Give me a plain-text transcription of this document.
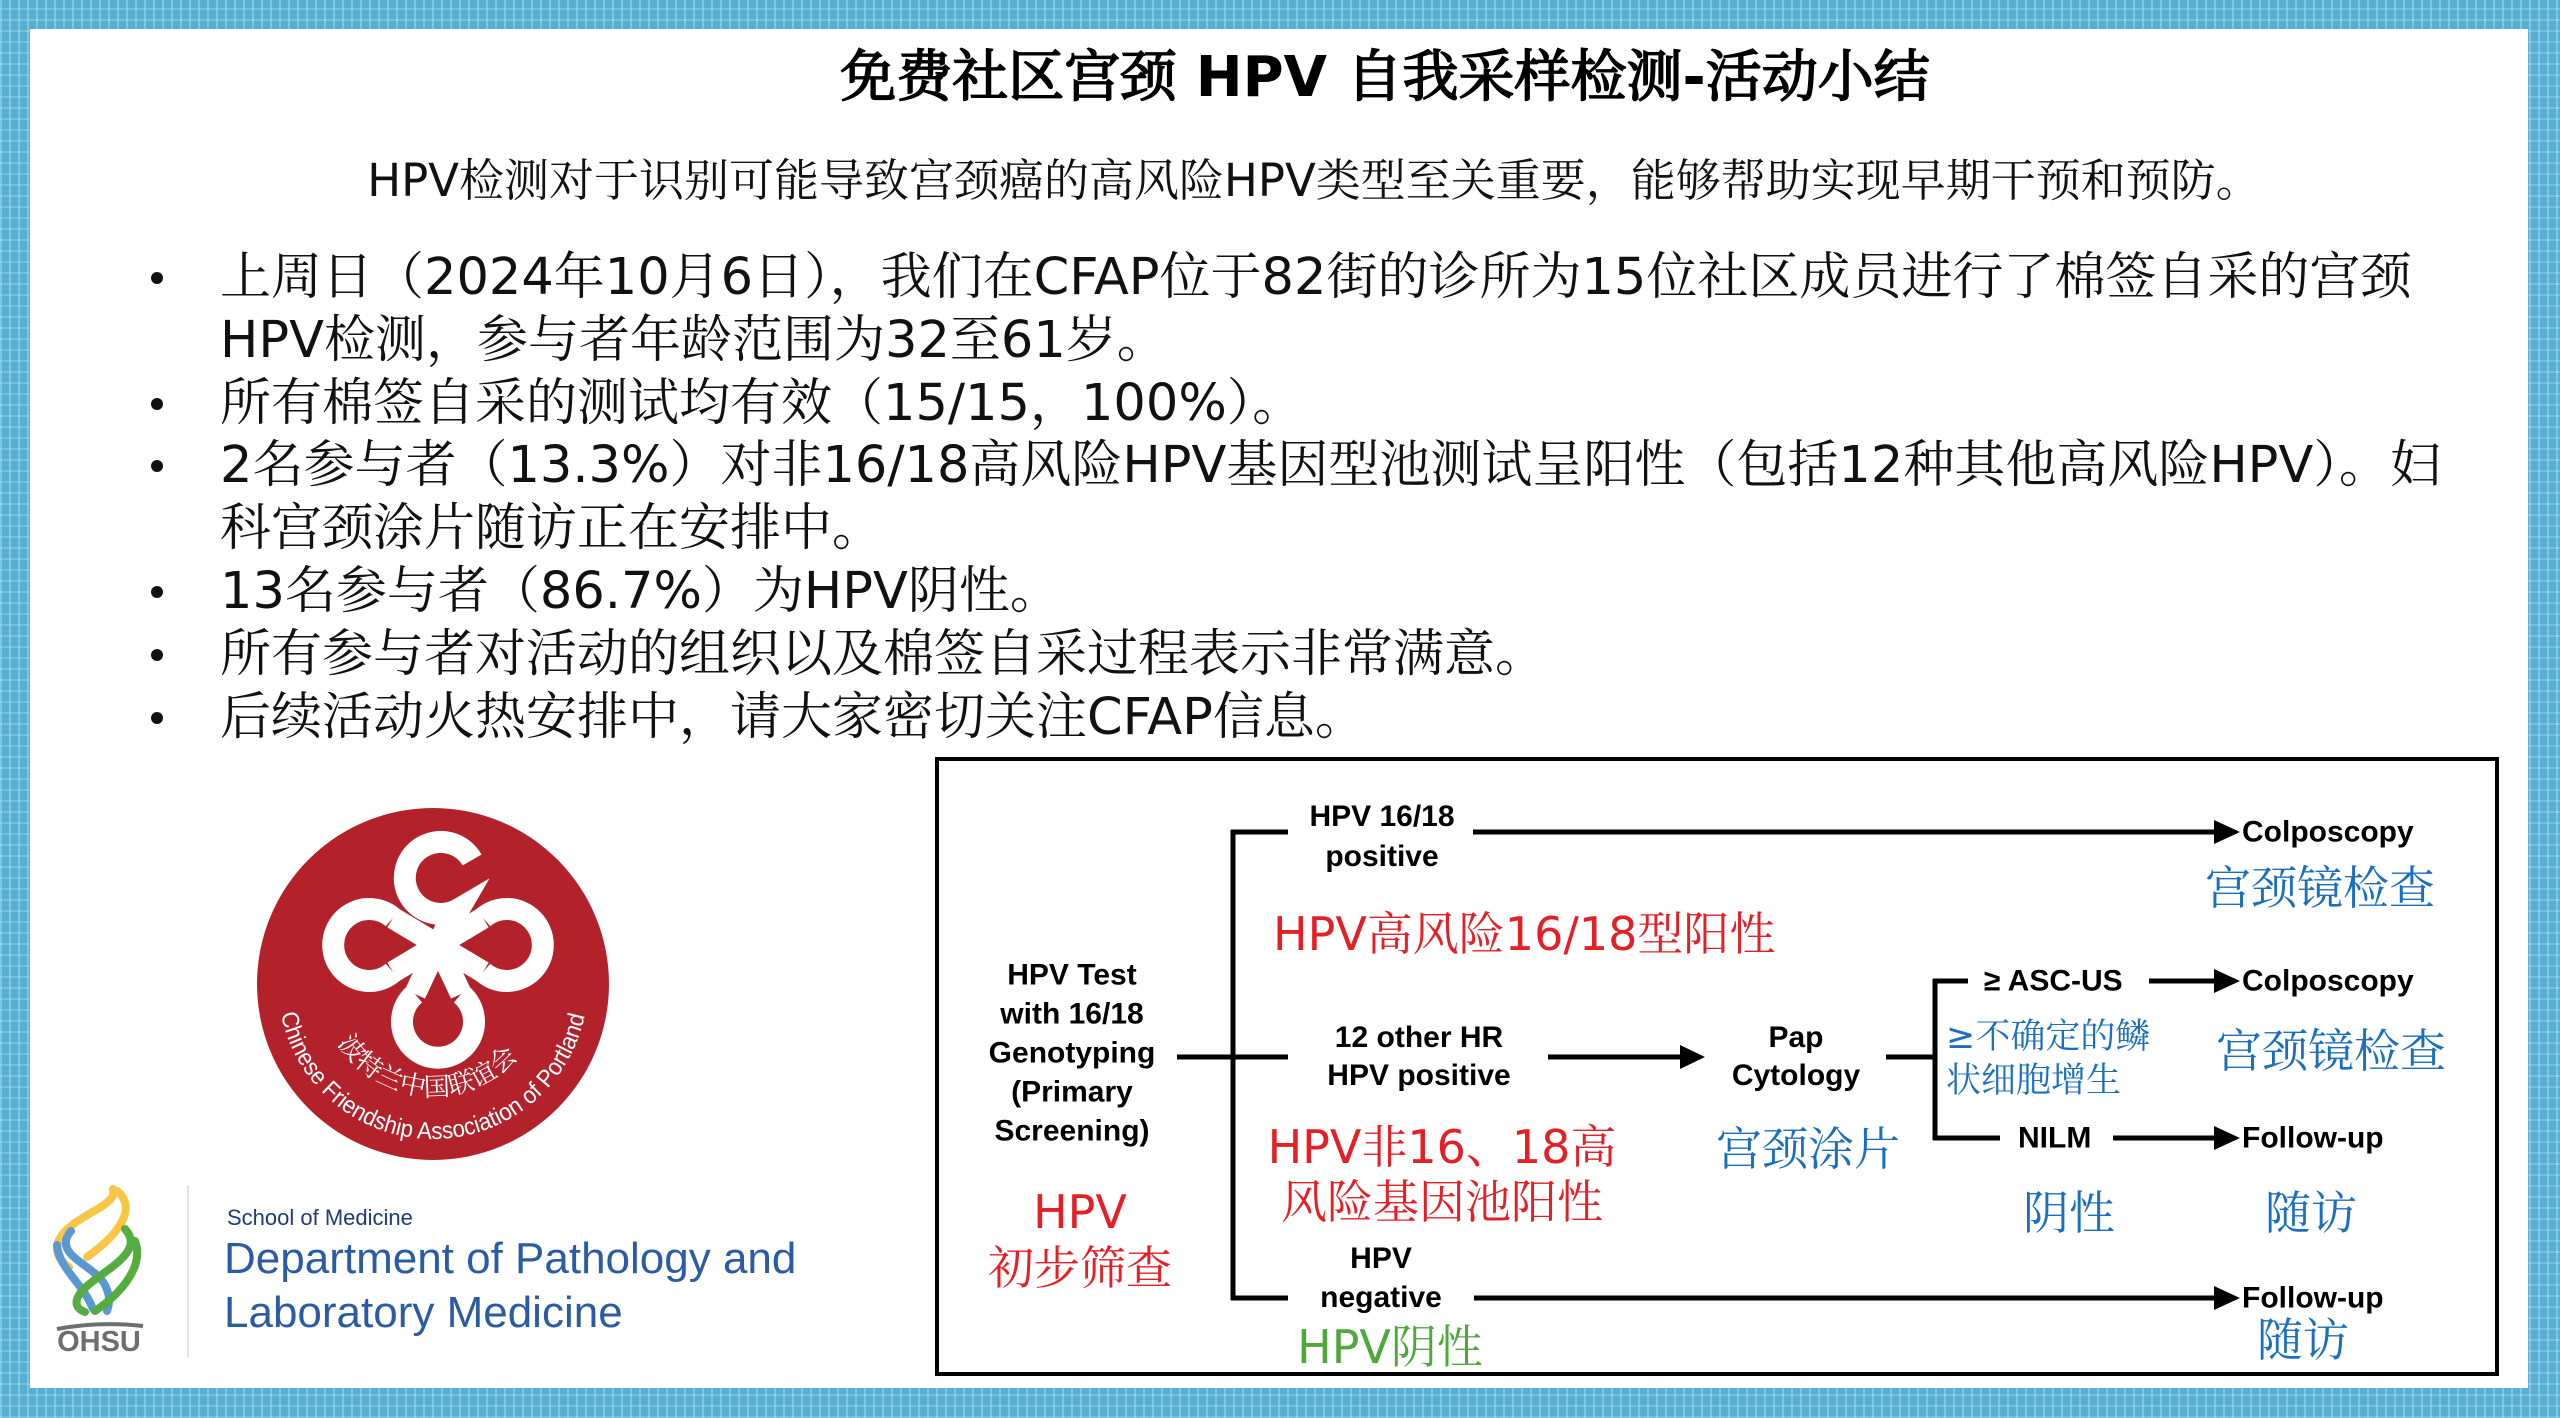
免费社区宫颈 HPV 自我采样检测-活动小结
HPV检测对于识别可能导致宫颈癌的高风险HPV类型至关重要，能够帮助实现早期干预和预防。
上周日（2024年10月6日），我们在CFAP位于82街的诊所为15位社区成员进行了棉签自采的宫颈
HPV检测，参与者年龄范围为32至61岁。
所有棉签自采的测试均有效（15/15，100%）。
2名参与者（13.3%）对非16/18高风险HPV基因型池测试呈阳性（包括12种其他高风险HPV）。妇
科宫颈涂片随访正在安排中。
13名参与者（86.7%）为HPV阴性。
所有参与者对活动的组织以及棉签自采过程表示非常满意。
后续活动火热安排中，请大家密切关注CFAP信息。
Chinese Friendship Association of Portland
波特兰中国联谊会
OHSU
School of Medicine
Department of Pathology and
Laboratory Medicine
HPV Test
with 16/18
Genotyping
(Primary
Screening)
HPV
初步筛查
HPV 16/18
positive
HPV高风险16/18型阳性
Colposcopy
宫颈镜检查
12 other HR
HPV positive
HPV非16、18高
风险基因池阳性
Pap
Cytology
宫颈涂片
≥ ASC-US
≥不确定的鳞
状细胞增生
Colposcopy
宫颈镜检查
NILM
阴性
Follow-up
随访
HPV
negative
HPV阴性
Follow-up
随访
